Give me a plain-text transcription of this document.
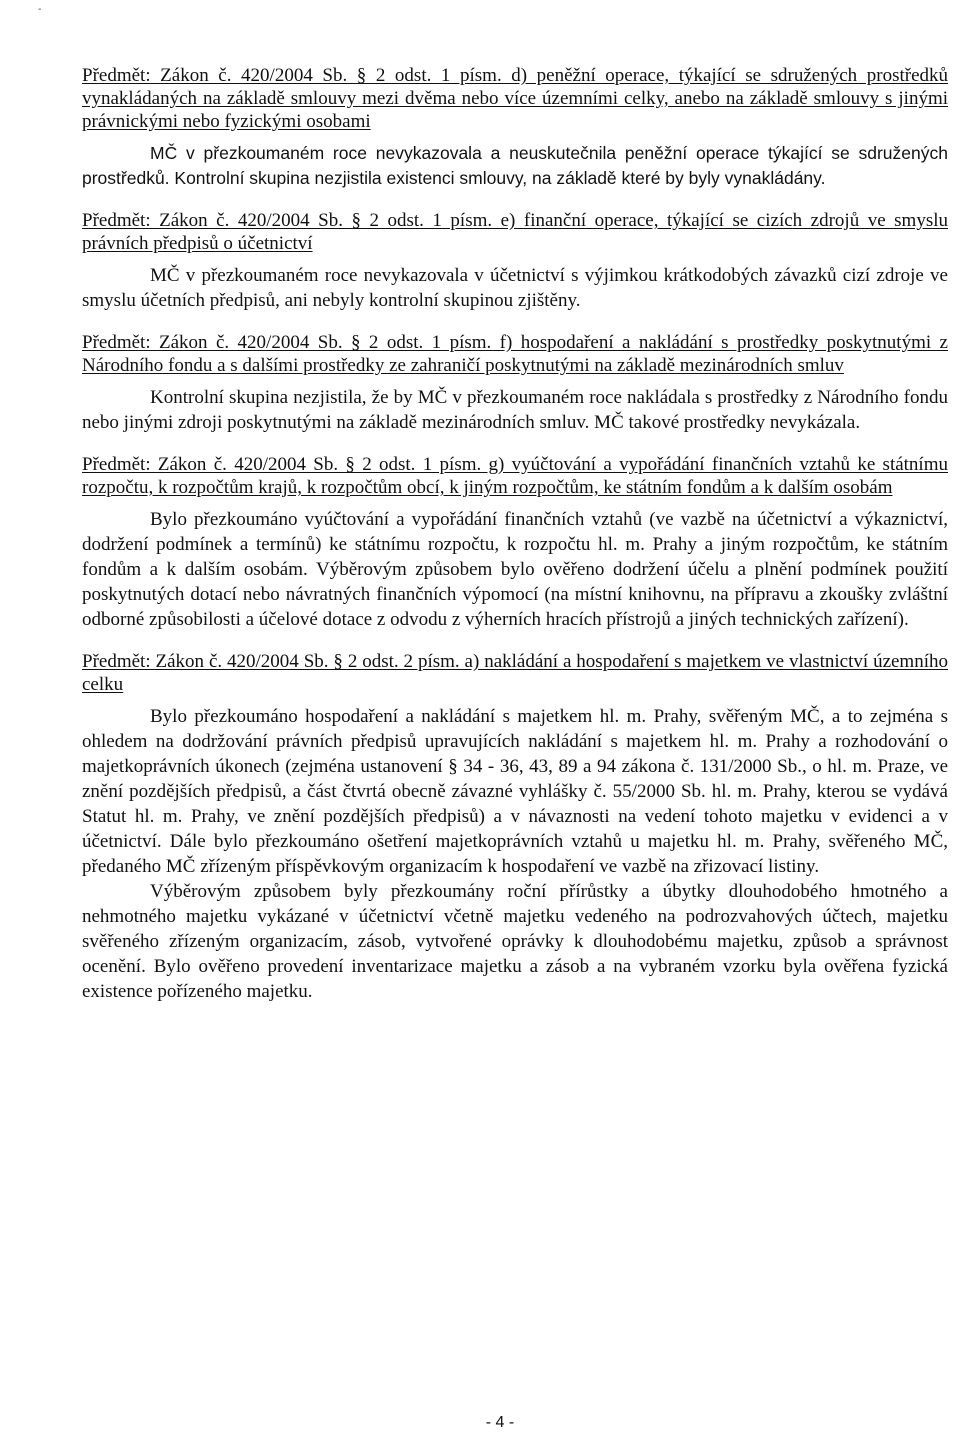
-
Předmět: Zákon č. 420/2004 Sb. § 2 odst. 1 písm. d) peněžní operace, týkající se sdružených prostředků vynakládaných na základě smlouvy mezi dvěma nebo více územními celky, anebo na základě smlouvy s jinými právnickými nebo fyzickými osobami

MČ v přezkoumaném roce nevykazovala a neuskutečnila peněžní operace týkající se sdružených prostředků. Kontrolní skupina nezjistila existenci smlouvy, na základě které by byly vynakládány.

Předmět: Zákon č. 420/2004 Sb. § 2 odst. 1 písm. e) finanční operace, týkající se cizích zdrojů ve smyslu právních předpisů o účetnictví

MČ v přezkoumaném roce nevykazovala v účetnictví s výjimkou krátkodobých závazků cizí zdroje ve smyslu účetních předpisů, ani nebyly kontrolní skupinou zjištěny.

Předmět: Zákon č. 420/2004 Sb. § 2 odst. 1 písm. f) hospodaření a nakládání s prostředky poskytnutými z Národního fondu a s dalšími prostředky ze zahraničí poskytnutými na základě mezinárodních smluv

Kontrolní skupina nezjistila, že by MČ v přezkoumaném roce nakládala s prostředky z Národního fondu nebo jinými zdroji poskytnutými na základě mezinárodních smluv. MČ takové prostředky nevykázala.

Předmět: Zákon č. 420/2004 Sb. § 2 odst. 1 písm. g) vyúčtování a vypořádání finančních vztahů ke státnímu rozpočtu, k rozpočtům krajů, k rozpočtům obcí, k jiným rozpočtům, ke státním fondům a k dalším osobám

Bylo přezkoumáno vyúčtování a vypořádání finančních vztahů (ve vazbě na účetnictví a výkaznictví, dodržení podmínek a termínů) ke státnímu rozpočtu, k rozpočtu hl. m. Prahy a jiným rozpočtům, ke státním fondům a k dalším osobám. Výběrovým způsobem bylo ověřeno dodržení účelu a plnění podmínek použití poskytnutých dotací nebo návratných finančních výpomocí (na místní knihovnu, na přípravu a zkoušky zvláštní odborné způsobilosti a účelové dotace z odvodu z výherních hracích přístrojů a jiných technických zařízení).

Předmět: Zákon č. 420/2004 Sb. § 2 odst. 2 písm. a) nakládání a hospodaření s majetkem ve vlastnictví územního celku

Bylo přezkoumáno hospodaření a nakládání s majetkem hl. m. Prahy, svěřeným MČ, a to zejména s ohledem na dodržování právních předpisů upravujících nakládání s majetkem hl. m. Prahy a rozhodování o majetkoprávních úkonech (zejména ustanovení § 34 - 36, 43, 89 a 94 zákona č. 131/2000 Sb., o hl. m. Praze, ve znění pozdějších předpisů, a část čtvrtá obecně závazné vyhlášky č. 55/2000 Sb. hl. m. Prahy, kterou se vydává Statut hl. m. Prahy, ve znění pozdějších předpisů) a v návaznosti na vedení tohoto majetku v evidenci a v účetnictví. Dále bylo přezkoumáno ošetření majetkoprávních vztahů u majetku hl. m. Prahy, svěřeného MČ, předaného MČ zřízeným příspěvkovým organizacím k hospodaření ve vazbě na zřizovací listiny.

Výběrovým způsobem byly přezkoumány roční přírůstky a úbytky dlouhodobého hmotného a nehmotného majetku vykázané v účetnictví včetně majetku vedeného na podrozvahových účtech, majetku svěřeného zřízeným organizacím, zásob, vytvořené oprávky k dlouhodobému majetku, způsob a správnost ocenění. Bylo ověřeno provedení inventarizace majetku a zásob a na vybraném vzorku byla ověřena fyzická existence pořízeného majetku.

- 4 -
